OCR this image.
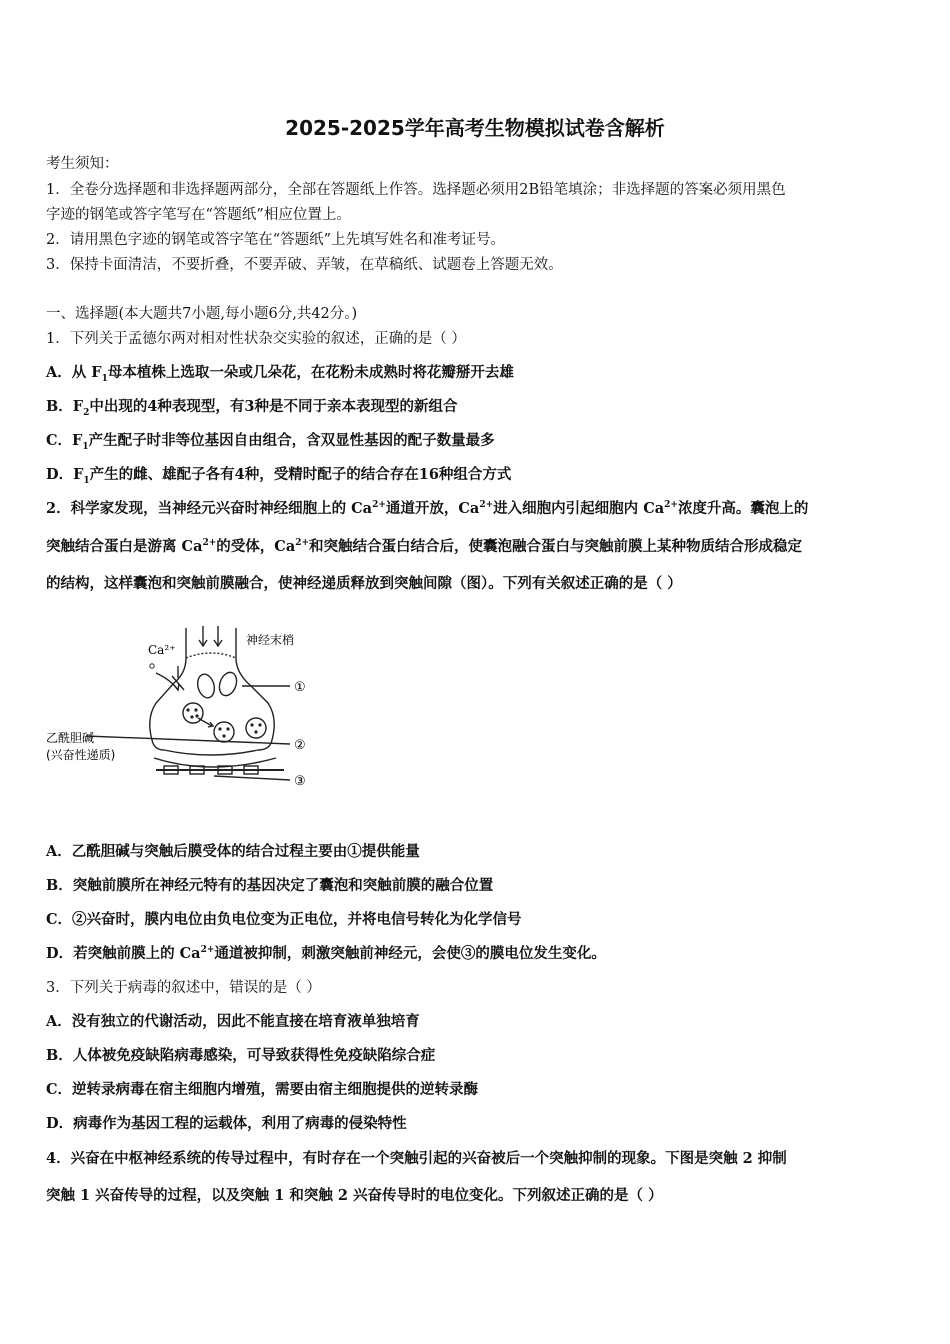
2025-2025学年高考生物模拟试卷含解析
考生须知：
1．全卷分选择题和非选择题两部分，全部在答题纸上作答。选择题必须用2B铅笔填涂；非选择题的答案必须用黑色
字迹的钢笔或答字笔写在“答题纸”相应位置上。
2．请用黑色字迹的钢笔或答字笔在“答题纸”上先填写姓名和准考证号。
3．保持卡面清洁，不要折叠，不要弄破、弄皱，在草稿纸、试题卷上答题无效。
一、选择题(本大题共7小题,每小题6分,共42分。)
1．下列关于孟德尔两对相对性状杂交实验的叙述，正确的是（ ）
A．从 $F_1$母本植株上选取一朵或几朵花，在花粉未成熟时将花瓣掰开去雄
B．$F_2$中出现的4种表现型，有3种是不同于亲本表现型的新组合
C．$F_1$产生配子时非等位基因自由组合，含双显性基因的配子数量最多
D．$F_1$产生的雌、雄配子各有4种，受精时配子的结合存在16种组合方式
2．科学家发现，当神经元兴奋时神经细胞上的 $Ca^{2+}$通道开放，$Ca^{2+}$进入细胞内引起细胞内 $Ca^{2+}$浓度升高。囊泡上的
突触结合蛋白是游离 $Ca^{2+}$的受体，$Ca^{2+}$和突触结合蛋白结合后，使囊泡融合蛋白与突触前膜上某种物质结合形成稳定
的结构，这样囊泡和突触前膜融合，使神经递质释放到突触间隙（图）。下列有关叙述正确的是（ ）
Ca²⁺
神经末梢
①
乙酰胆碱
(兴奋性递质)
②
③
A．乙酰胆碱与突触后膜受体的结合过程主要由①提供能量
B．突触前膜所在神经元特有的基因决定了囊泡和突触前膜的融合位置
C．②兴奋时，膜内电位由负电位变为正电位，并将电信号转化为化学信号
D．若突触前膜上的 $Ca^{2+}$通道被抑制，刺激突触前神经元，会使③的膜电位发生变化。
3．下列关于病毒的叙述中，错误的是（ ）
A．没有独立的代谢活动，因此不能直接在培育液单独培育
B．人体被免疫缺陷病毒感染，可导致获得性免疫缺陷综合症
C．逆转录病毒在宿主细胞内增殖，需要由宿主细胞提供的逆转录酶
D．病毒作为基因工程的运载体，利用了病毒的侵染特性
4．兴奋在中枢神经系统的传导过程中，有时存在一个突触引起的兴奋被后一个突触抑制的现象。下图是突触 2 抑制
突触 1 兴奋传导的过程，以及突触 1 和突触 2 兴奋传导时的电位变化。下列叙述正确的是（ ）
